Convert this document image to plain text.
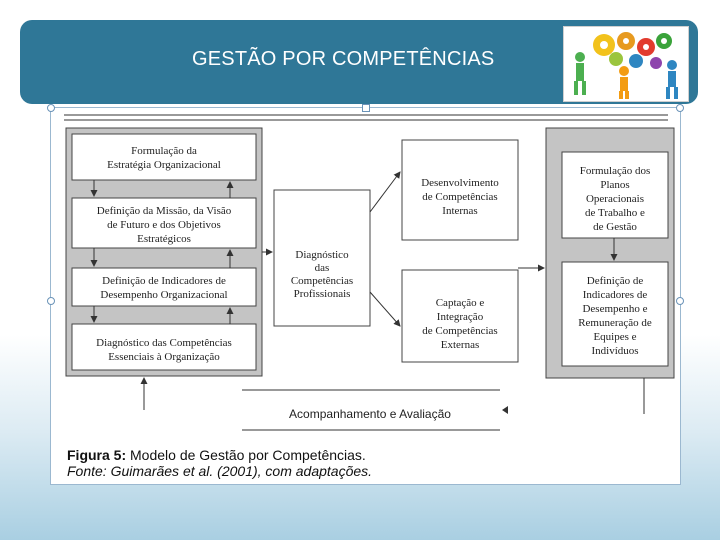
GESTÃO POR COMPETÊNCIAS
Formulação da
Estratégia Organizacional
Definição da Missão, da Visão
de Futuro e dos Objetivos
Estratégicos
Definição de Indicadores de
Desempenho Organizacional
Diagnóstico das Competências
Essenciais à Organização
Diagnóstico
das
Competências
Profissionais
Desenvolvimento
de Competências
Internas
Captação e
Integração
de Competências
Externas
Formulação dos
Planos
Operacionais
de Trabalho e
de Gestão
Definição de
Indicadores de
Desempenho e
Remuneração de
Equipes e
Indivíduos
Acompanhamento e Avaliação
Figura 5: Modelo de Gestão por Competências.
Fonte: Guimarães et al. (2001), com adaptações.
